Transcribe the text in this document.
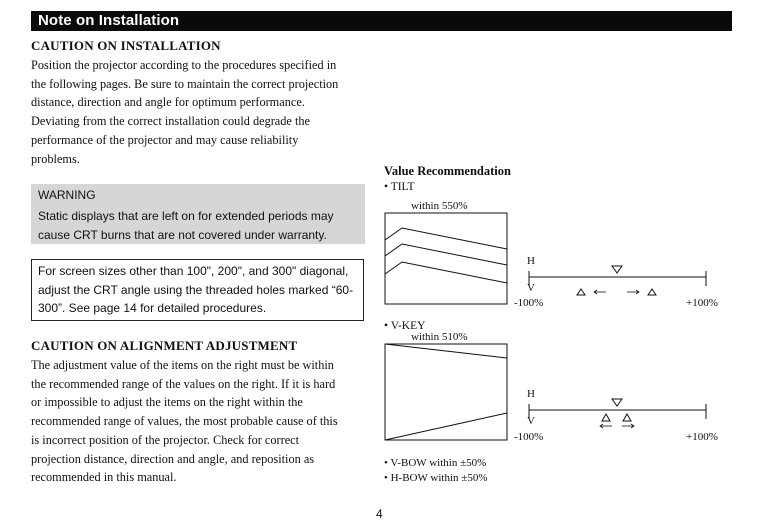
Note on Installation
CAUTION ON INSTALLATION
Position the projector according to the procedures specified in
the following pages. Be sure to maintain the correct projection
distance, direction and angle for optimum performance.
Deviating from the correct installation could degrade the
performance of the projector and may cause reliability
problems.
WARNING
Static displays that are left on for extended periods may
cause CRT burns that are not covered under warranty.
For screen sizes other than 100", 200", and 300" diagonal,
adjust the CRT angle using the threaded holes marked “60-
300”. See page 14 for detailed procedures.
CAUTION ON ALIGNMENT ADJUSTMENT
The adjustment value of the items on the right must be within
the recommended range of the values on the right. If it is hard
or impossible to adjust the items on the right within the
recommended range of values, the most probable cause of this
is incorrect position of the projector. Check for correct
projection distance, direction and angle, and reposition as
recommended in this manual.
Value Recommendation
• TILT
within 550%
H
V
-100%	+100%
• V-KEY
within 510%
H
V
-100%	+100%
• V-BOW within ±50%
• H-BOW within ±50%
4
